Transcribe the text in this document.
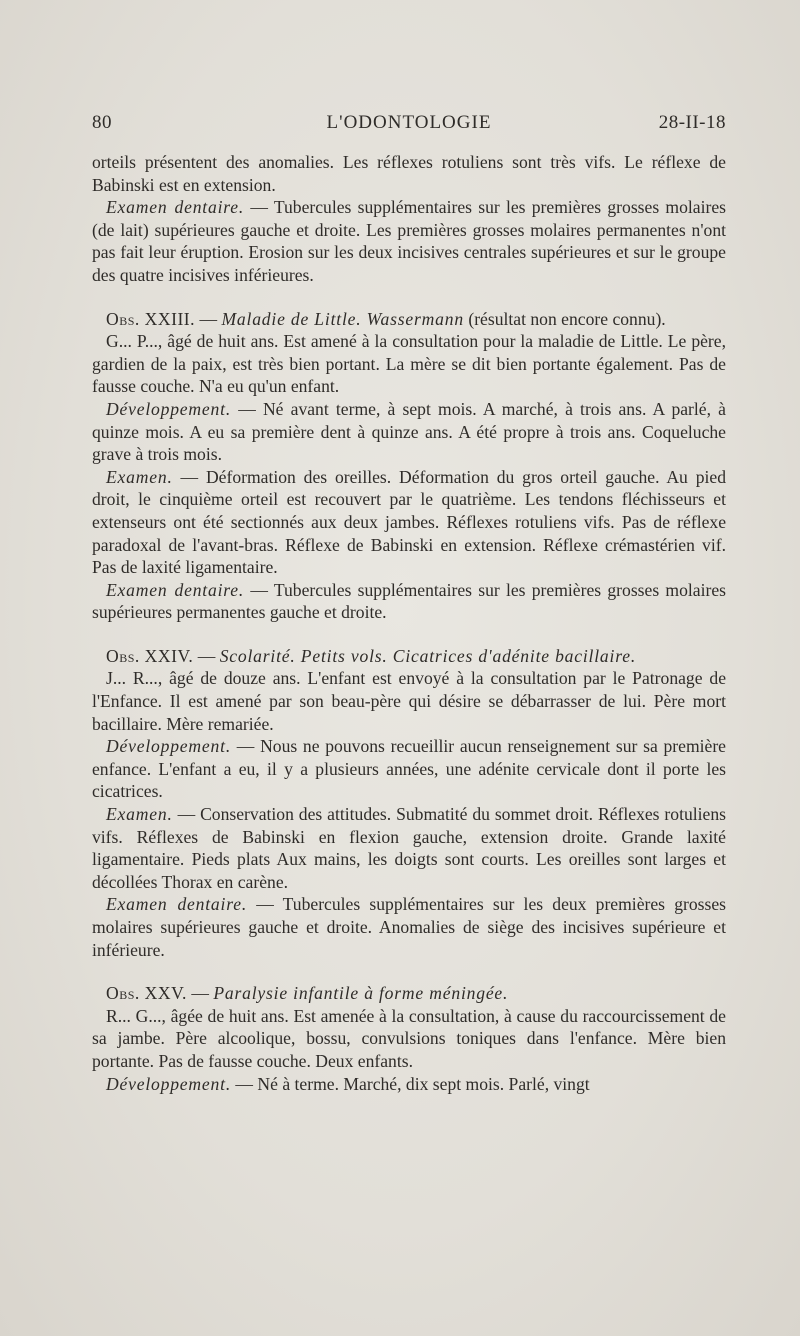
80	L'ODONTOLOGIE	28-II-18

orteils présentent des anomalies. Les réflexes rotuliens sont très vifs. Le réflexe de Babinski est en extension.

Examen dentaire. — Tubercules supplémentaires sur les premières grosses molaires (de lait) supérieures gauche et droite. Les premières grosses molaires permanentes n'ont pas fait leur éruption. Erosion sur les deux incisives centrales supérieures et sur le groupe des quatre incisives inférieures.

Obs. XXIII. — Maladie de Little. Wassermann (résultat non encore connu).

G... P..., âgé de huit ans. Est amené à la consultation pour la maladie de Little. Le père, gardien de la paix, est très bien portant. La mère se dit bien portante également. Pas de fausse couche. N'a eu qu'un enfant.

Développement. — Né avant terme, à sept mois. A marché, à trois ans. A parlé, à quinze mois. A eu sa première dent à quinze ans. A été propre à trois ans. Coqueluche grave à trois mois.

Examen. — Déformation des oreilles. Déformation du gros orteil gauche. Au pied droit, le cinquième orteil est recouvert par le quatrième. Les tendons fléchisseurs et extenseurs ont été sectionnés aux deux jambes. Réflexes rotuliens vifs. Pas de réflexe paradoxal de l'avant-bras. Réflexe de Babinski en extension. Réflexe crémastérien vif. Pas de laxité ligamentaire.

Examen dentaire. — Tubercules supplémentaires sur les premières grosses molaires supérieures permanentes gauche et droite.

Obs. XXIV. — Scolarité. Petits vols. Cicatrices d'adénite bacillaire.

J... R..., âgé de douze ans. L'enfant est envoyé à la consultation par le Patronage de l'Enfance. Il est amené par son beau-père qui désire se débarrasser de lui. Père mort bacillaire. Mère remariée.

Développement. — Nous ne pouvons recueillir aucun renseignement sur sa première enfance. L'enfant a eu, il y a plusieurs années, une adénite cervicale dont il porte les cicatrices.

Examen. — Conservation des attitudes. Submatité du sommet droit. Réflexes rotuliens vifs. Réflexes de Babinski en flexion gauche, extension droite. Grande laxité ligamentaire. Pieds plats Aux mains, les doigts sont courts. Les oreilles sont larges et décollées Thorax en carène.

Examen dentaire. — Tubercules supplémentaires sur les deux premières grosses molaires supérieures gauche et droite. Anomalies de siège des incisives supérieure et inférieure.

Obs. XXV. — Paralysie infantile à forme méningée.

R... G..., âgée de huit ans. Est amenée à la consultation, à cause du raccourcissement de sa jambe. Père alcoolique, bossu, convulsions toniques dans l'enfance. Mère bien portante. Pas de fausse couche. Deux enfants.

Développement. — Né à terme. Marché, dix sept mois. Parlé, vingt
